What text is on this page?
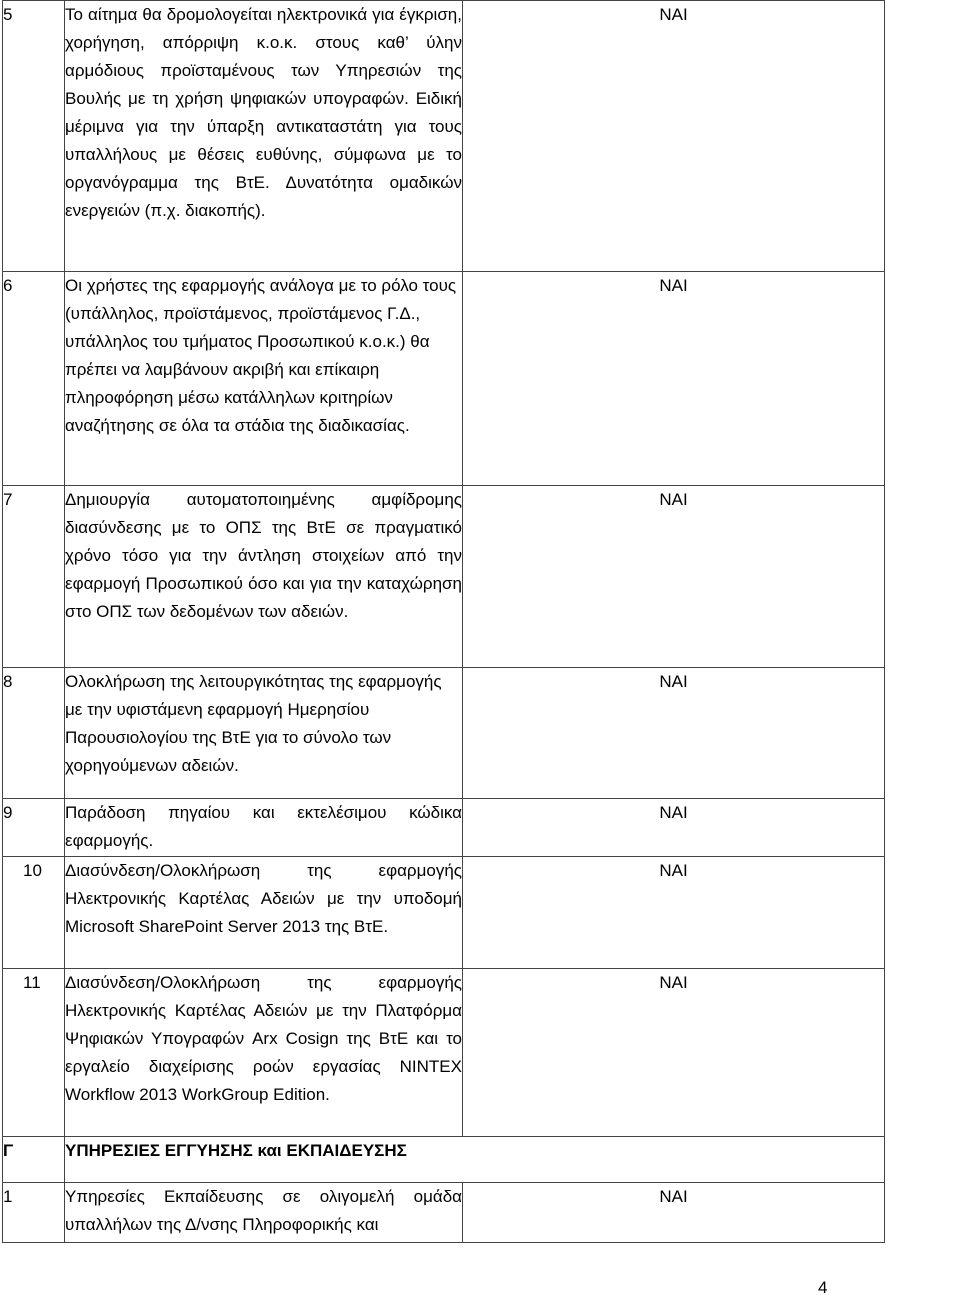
5	Το αίτημα θα δρομολογείται ηλεκτρονικά για έγκριση, χορήγηση, απόρριψη κ.ο.κ. στους καθ’ ύλην αρμόδιους προϊσταμένους των Υπηρεσιών της Βουλής με τη χρήση ψηφιακών υπογραφών. Ειδική μέριμνα για την ύπαρξη αντικαταστάτη για τους υπαλλήλους με θέσεις ευθύνης, σύμφωνα με το οργανόγραμμα της ΒτΕ. Δυνατότητα ομαδικών ενεργειών (π.χ. διακοπής).	ΝΑΙ
6	Οι χρήστες της εφαρμογής ανάλογα με το ρόλο τους (υπάλληλος, προϊστάμενος, προϊστάμενος Γ.Δ., υπάλληλος του τμήματος Προσωπικού κ.ο.κ.) θα πρέπει να λαμβάνουν ακριβή και επίκαιρη πληροφόρηση μέσω κατάλληλων κριτηρίων αναζήτησης σε όλα τα στάδια της διαδικασίας.	ΝΑΙ
7	Δημιουργία αυτοματοποιημένης αμφίδρομης διασύνδεσης με το ΟΠΣ της ΒτΕ σε πραγματικό χρόνο τόσο για την άντληση στοιχείων από την εφαρμογή Προσωπικού όσο και για την καταχώρηση στο ΟΠΣ των δεδομένων των αδειών.	ΝΑΙ
8	Ολοκλήρωση της λειτουργικότητας της εφαρμογής με την υφιστάμενη εφαρμογή Ημερησίου Παρουσιολογίου της ΒτΕ για το σύνολο των χορηγούμενων αδειών.	ΝΑΙ
9	Παράδοση πηγαίου και εκτελέσιμου κώδικα εφαρμογής.	ΝΑΙ
10	Διασύνδεση/Ολοκλήρωση της εφαρμογής Ηλεκτρονικής Καρτέλας Αδειών με την υποδομή Microsoft SharePoint Server 2013 της ΒτΕ.	ΝΑΙ
11	Διασύνδεση/Ολοκλήρωση της εφαρμογής Ηλεκτρονικής Καρτέλας Αδειών με την Πλατφόρμα Ψηφιακών Υπογραφών Arx Cosign της ΒτΕ και το εργαλείο διαχείρισης ροών εργασίας NINTEX Workflow 2013 WorkGroup Edition.	ΝΑΙ
Γ	ΥΠΗΡΕΣΙΕΣ ΕΓΓΥΗΣΗΣ και ΕΚΠΑΙΔΕΥΣΗΣ	
1	Υπηρεσίες Εκπαίδευσης σε ολιγομελή ομάδα υπαλλήλων της Δ/νσης Πληροφορικής και	ΝΑΙ
4
